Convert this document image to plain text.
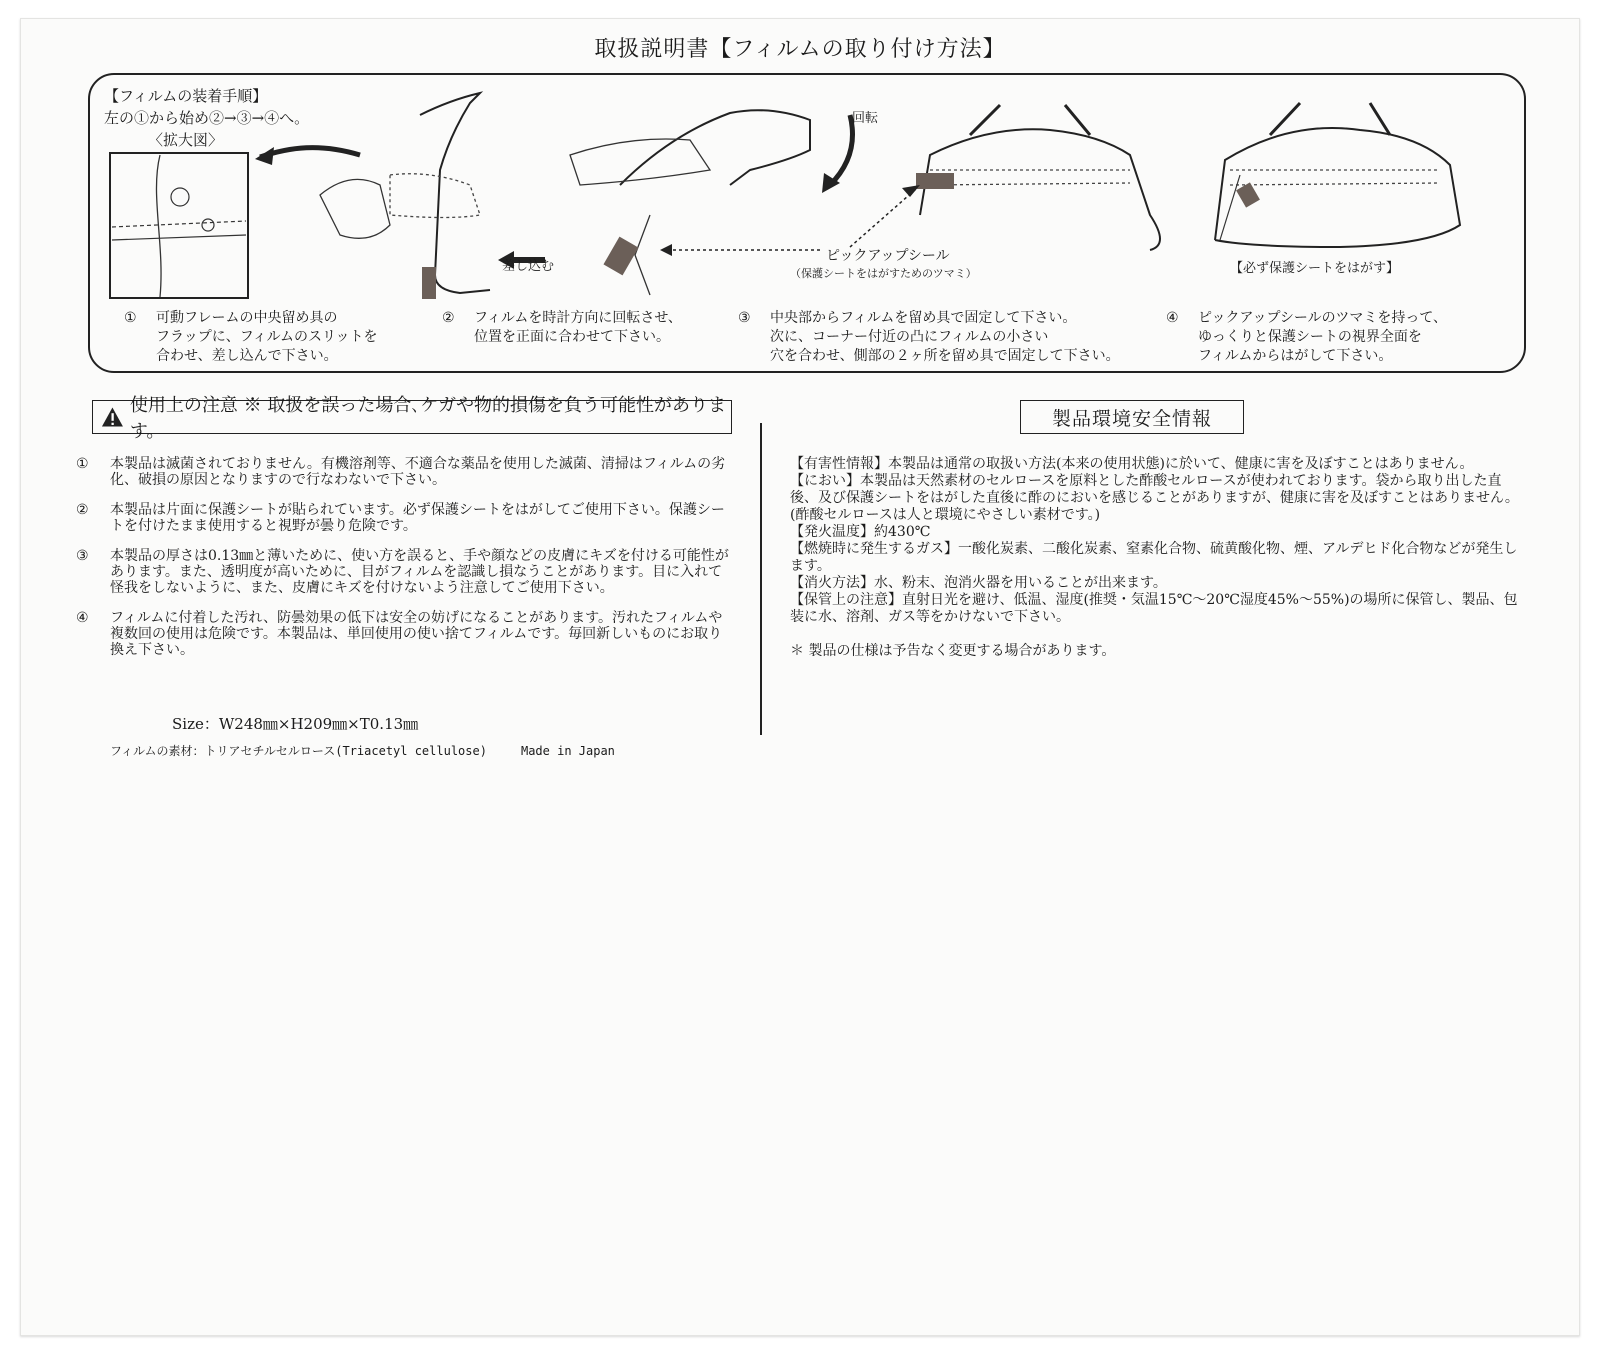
取扱説明書【フィルムの取り付け方法】
【フィルムの装着手順】
左の①から始め②→③→④へ。
〈拡大図〉
差し込む
回転
ピックアップシール
（保護シートをはがすためのツマミ）	【必ず保護シートをはがす】
①	可動フレームの中央留め具の
フラップに、フィルムのスリットを
合わせ、差し込んで下さい。
②	フィルムを時計方向に回転させ、
位置を正面に合わせて下さい。
③	中央部からフィルムを留め具で固定して下さい。
次に、コーナー付近の凸にフィルムの小さい
穴を合わせ、側部の２ヶ所を留め具で固定して下さい。
④	ピックアップシールのツマミを持って、
ゆっくりと保護シートの視界全面を
フィルムからはがして下さい。
使用上の注意 ※ 取扱を誤った場合､ケガや物的損傷を負う可能性があります。
①	本製品は滅菌されておりません。有機溶剤等、不適合な薬品を使用した滅菌、清掃はフィルムの劣化、破損の原因となりますので行なわないで下さい。
②	本製品は片面に保護シートが貼られています。必ず保護シートをはがしてご使用下さい。保護シートを付けたまま使用すると視野が曇り危険です。
③	本製品の厚さは0.13㎜と薄いために、使い方を誤ると、手や顔などの皮膚にキズを付ける可能性があります。また、透明度が高いために、目がフィルムを認識し損なうことがあります。目に入れて怪我をしないように、また、皮膚にキズを付けないよう注意してご使用下さい。
④	フィルムに付着した汚れ、防曇効果の低下は安全の妨げになることがあります。汚れたフィルムや複数回の使用は危険です。本製品は、単回使用の使い捨てフィルムです。毎回新しいものにお取り換え下さい。
Size：W248㎜×H209㎜×T0.13㎜
フィルムの素材：トリアセチルセルロース(Triacetyl cellulose)	Made in Japan
製品環境安全情報

【有害性情報】本製品は通常の取扱い方法(本来の使用状態)に於いて、健康に害を及ぼすことはありません。

【におい】本製品は天然素材のセルロースを原料とした酢酸セルロースが使われております。袋から取り出した直後、及び保護シートをはがした直後に酢のにおいを感じることがありますが、健康に害を及ぼすことはありません。(酢酸セルロースは人と環境にやさしい素材です。)

【発火温度】約430℃

【燃焼時に発生するガス】一酸化炭素、二酸化炭素、窒素化合物、硫黄酸化物、煙、アルデヒド化合物などが発生します。

【消火方法】水、粉末、泡消火器を用いることが出来ます。

【保管上の注意】直射日光を避け、低温、湿度(推奨・気温15℃～20℃湿度45%～55%)の場所に保管し、製品、包装に水、溶剤、ガス等をかけないで下さい。

＊ 製品の仕様は予告なく変更する場合があります。
